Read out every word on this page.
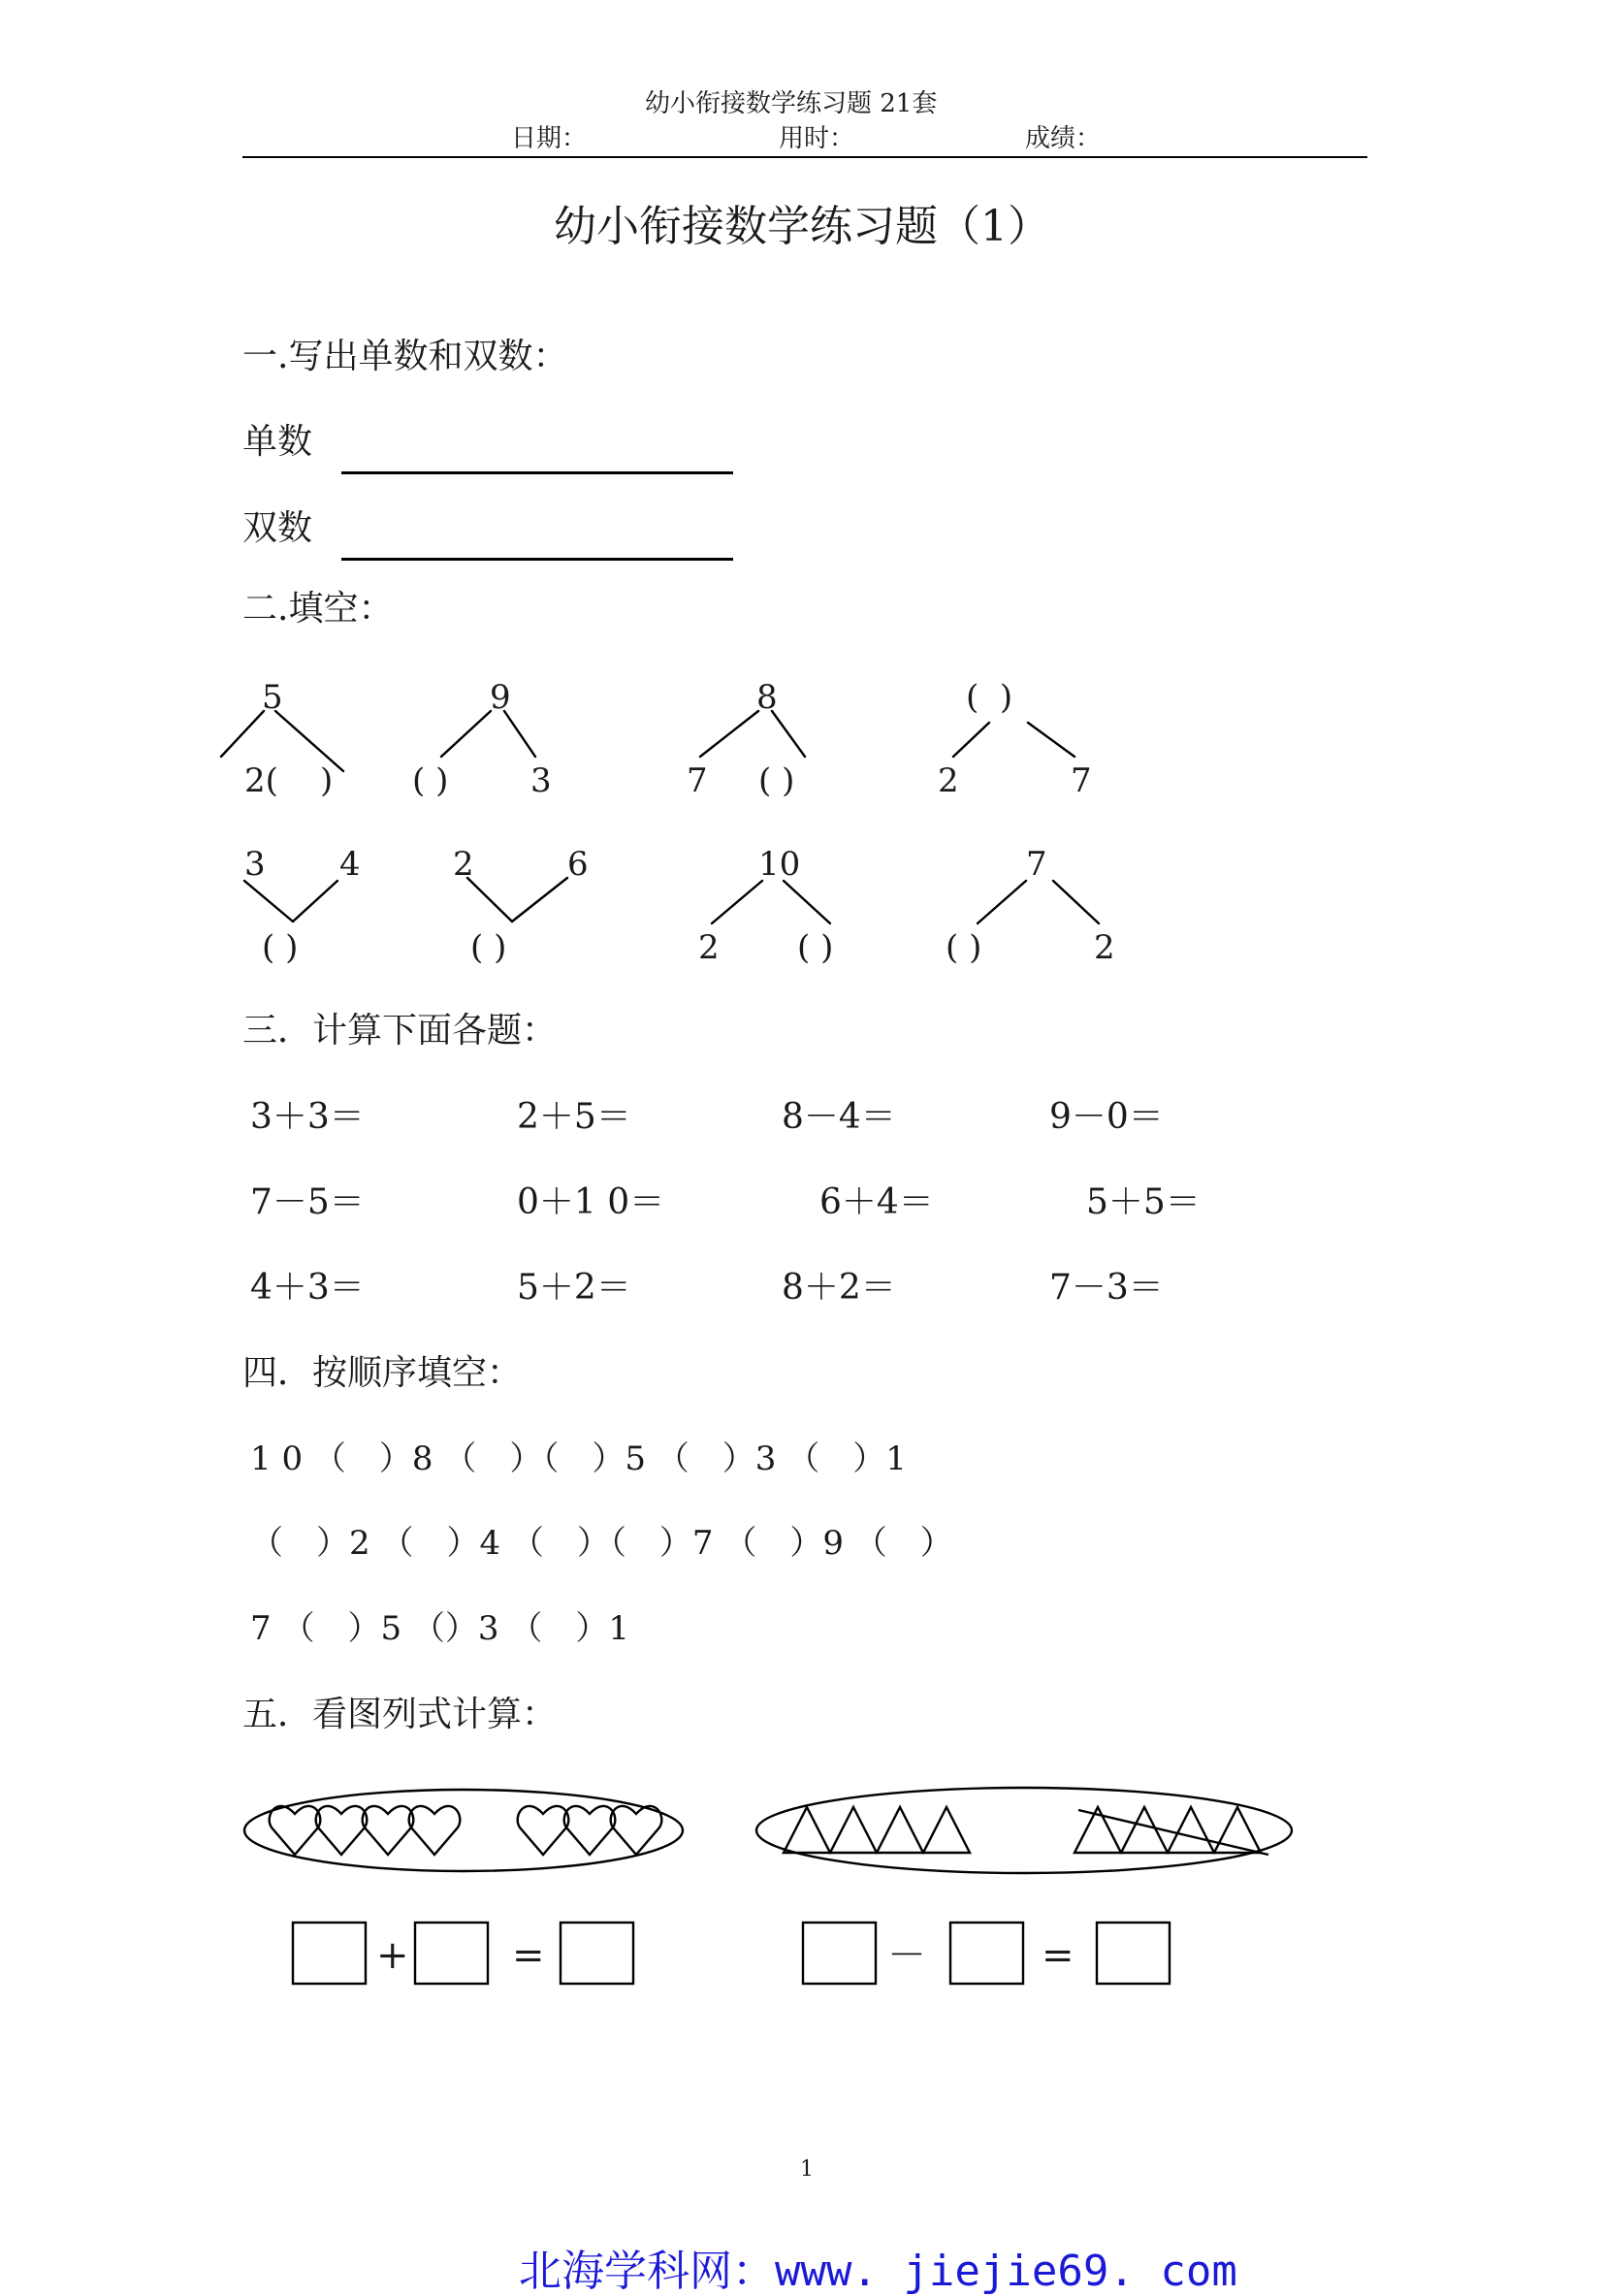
幼小衔接数学练习题 21套
日期：	用时：	成绩：
幼小衔接数学练习题（1）
一.写出单数和双数：
单数
双数
二.填空：
5
2( )
9
( ) 3
8
7 ( )
(  )
2	7
3 4
( )
2	6
( )
10
2 ( )
7
( )	2
三．计算下面各题：
3＋3＝	2＋5＝	8－4＝	9－0＝
7－5＝	0＋1 0＝	6＋4＝	5＋5＝
4＋3＝	5＋2＝	8＋2＝	7－3＝
四．按顺序填空：
1 0 （　）8 （　）（　）5 （　）3 （　）1
（　）2 （　）4 （　）（　）7 （　）9 （　）
7 （　）5 （）3 （　）1
五．看图列式计算：
+	=	－	=
1

北海学科网：www. jiejie69. com
